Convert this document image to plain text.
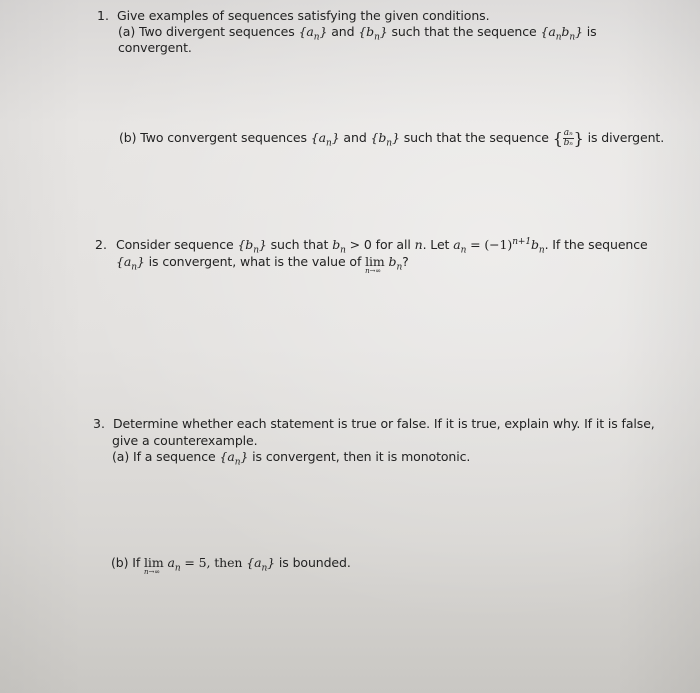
1. Give examples of sequences satisfying the given conditions.
(a) Two divergent sequences $\{a_n\}$ and $\{b_n\}$ such that the sequence $\{a_nb_n\}$ is
convergent.
(b) Two convergent sequences $\{a_n\}$ and $\{b_n\}$ such that the sequence { $\frac{\text{aₙ}}{\text{bₙ}}$ } is divergent.
2. Consider sequence $\{b_n\}$ such that $b_n > 0$ for all n. Let $a_n = (-1)^{n+1}b_n$. If the sequence
$\{a_n\}$ is convergent, what is the value of lim
n→∞
$b_n$?
3. Determine whether each statement is true or false. If it is true, explain why. If it is false,
give a counterexample.
(a) If a sequence $\{a_n\}$ is convergent, then it is monotonic.
(b) If lim
n→∞
$a_n = 5$, then $\{a_n\}$ is bounded.
